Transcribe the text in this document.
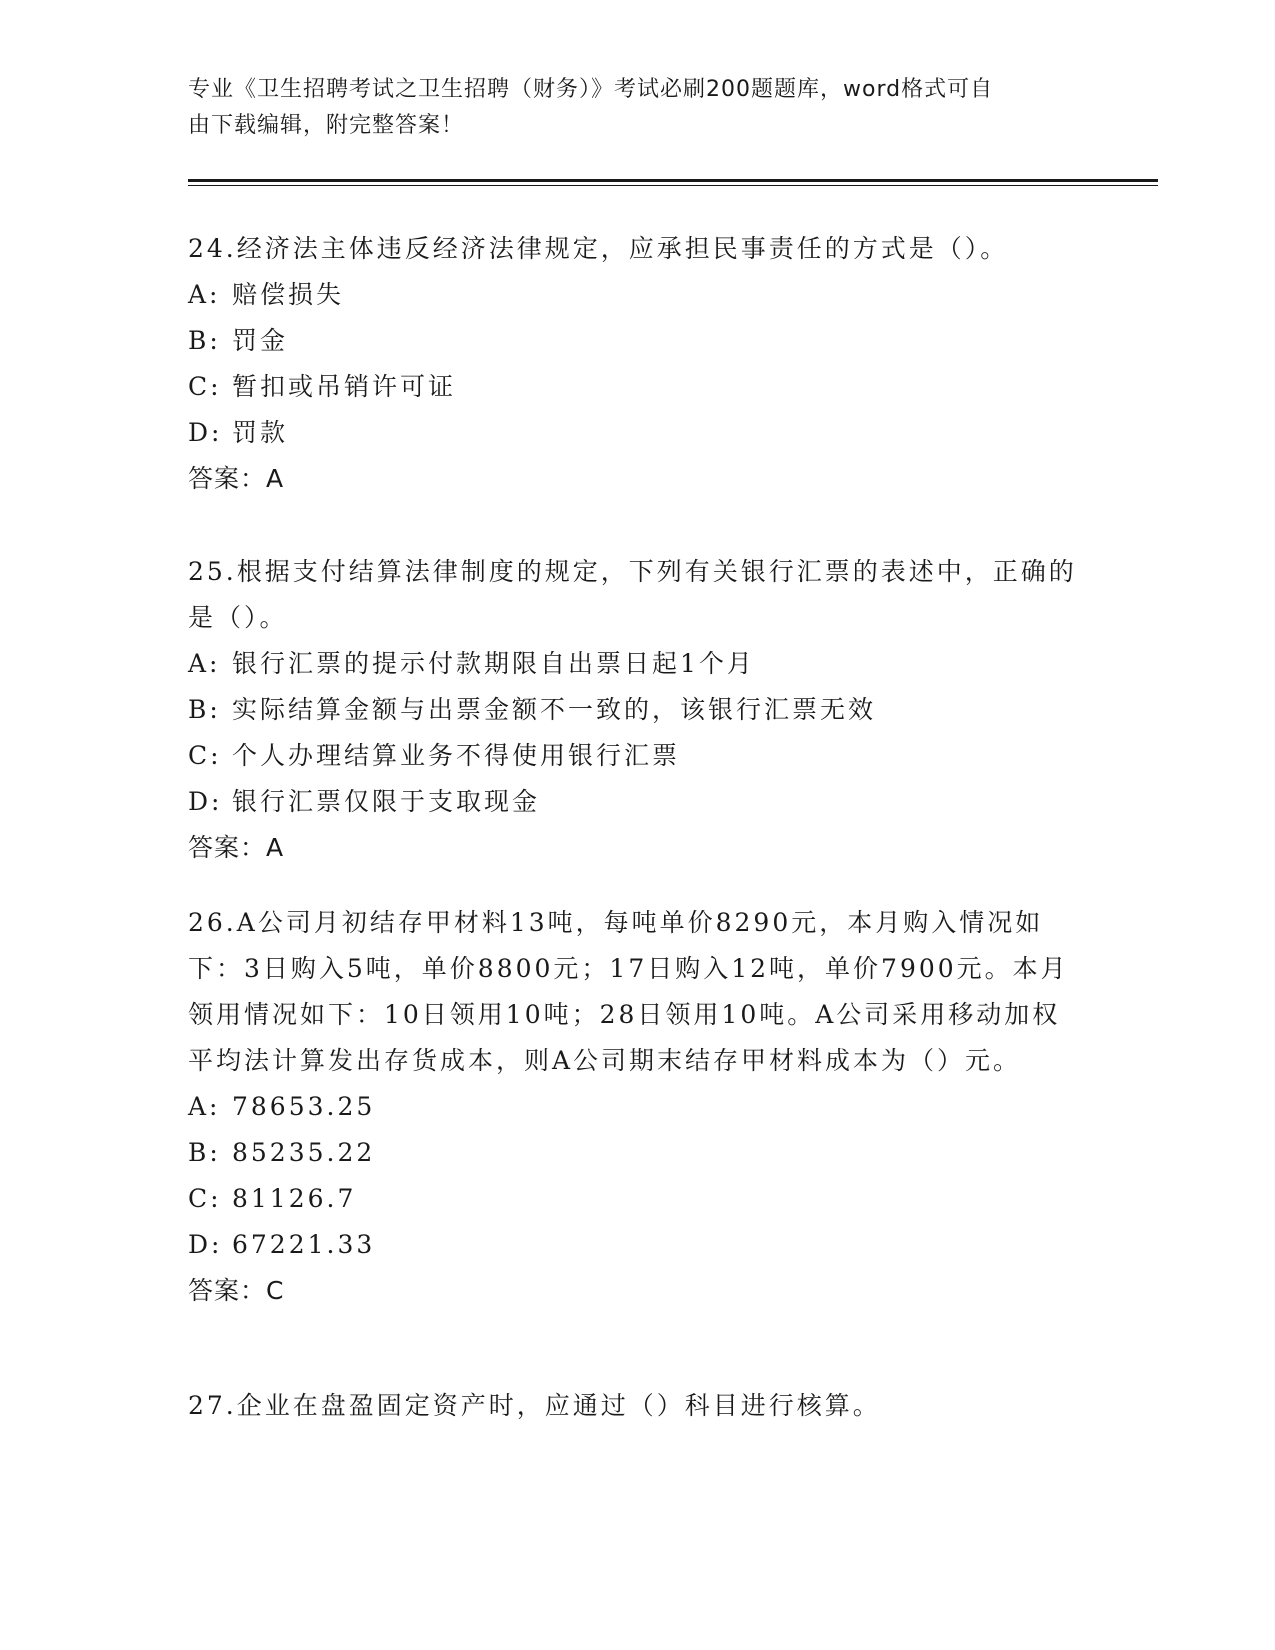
专业《卫生招聘考试之卫生招聘（财务）》考试必刷200题题库，word格式可自
由下载编辑，附完整答案！

24.经济法主体违反经济法律规定，应承担民事责任的方式是（）。

A: 赔偿损失

B: 罚金

C: 暂扣或吊销许可证

D: 罚款

答案：A

25.根据支付结算法律制度的规定，下列有关银行汇票的表述中，正确的是（）。

A: 银行汇票的提示付款期限自出票日起1个月

B: 实际结算金额与出票金额不一致的，该银行汇票无效

C: 个人办理结算业务不得使用银行汇票

D: 银行汇票仅限于支取现金

答案：A

26.A公司月初结存甲材料13吨，每吨单价8290元，本月购入情况如下：3日购入5吨，单价8800元；17日购入12吨，单价7900元。本月领用情况如下：10日领用10吨；28日领用10吨。A公司采用移动加权平均法计算发出存货成本，则A公司期末结存甲材料成本为（）元。

A: 78653.25

B: 85235.22

C: 81126.7

D: 67221.33

答案：C

27.企业在盘盈固定资产时，应通过（）科目进行核算。
